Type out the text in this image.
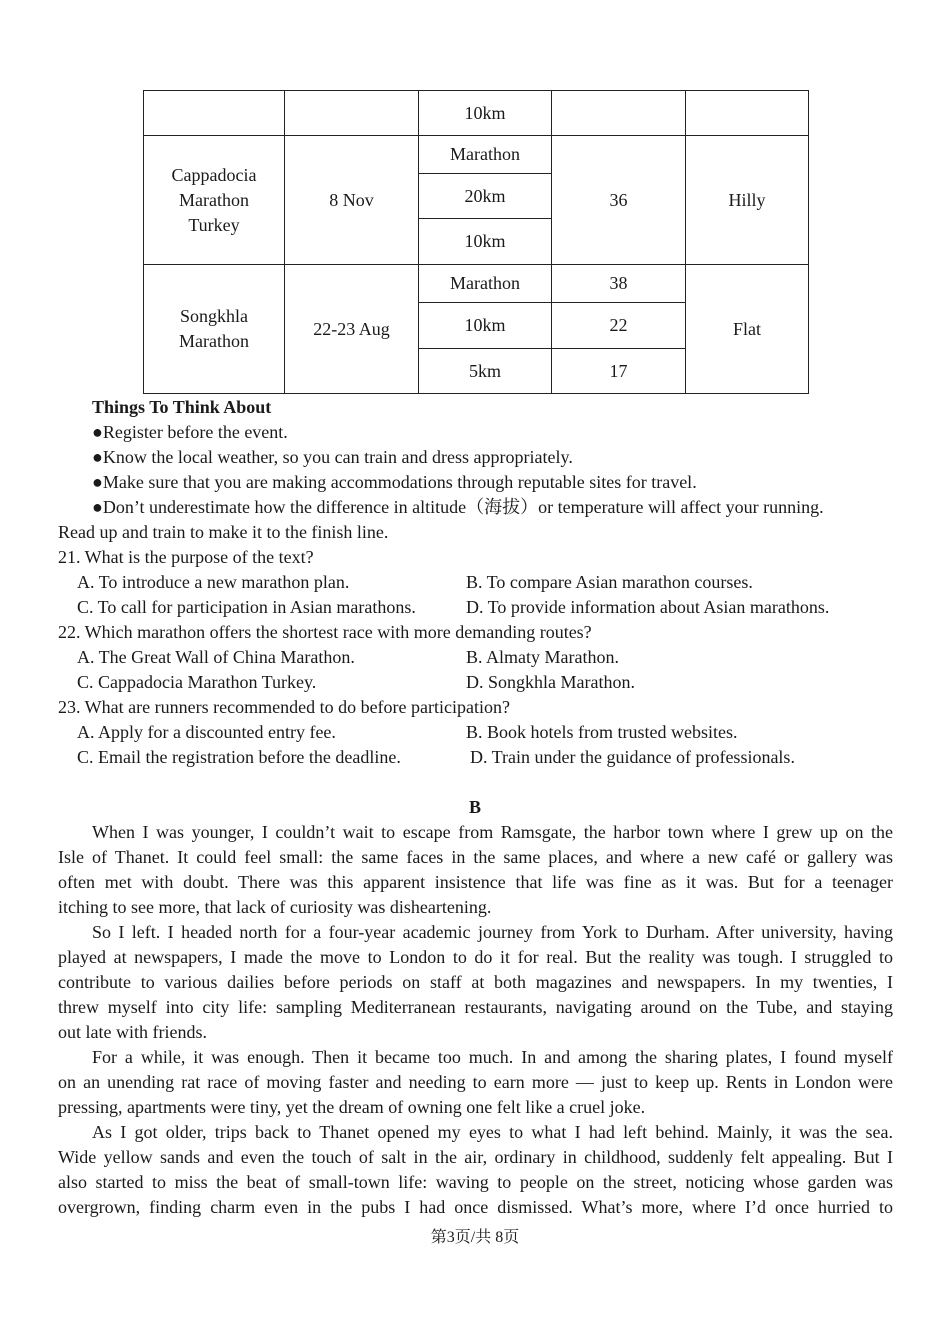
		10km		
Cappadocia Marathon Turkey	8 Nov	Marathon	36	Hilly
		20km		
		10km		
Songkhla Marathon	22-23 Aug	Marathon	38	Flat
		10km	22	
		5km	17	
Things To Think About
●Register before the event.
●Know the local weather, so you can train and dress appropriately.
●Make sure that you are making accommodations through reputable sites for travel.
●Don’t underestimate how the difference in altitude（海拔）or temperature will affect your running.
Read up and train to make it to the finish line.
21. What is the purpose of the text?
A. To introduce a new marathon plan.	B. To compare Asian marathon courses.
C. To call for participation in Asian marathons.	D. To provide information about Asian marathons.
22. Which marathon offers the shortest race with more demanding routes?
A. The Great Wall of China Marathon.	B. Almaty Marathon.
C. Cappadocia Marathon Turkey.	D. Songkhla Marathon.
23. What are runners recommended to do before participation?
A. Apply for a discounted entry fee.	B. Book hotels from trusted websites.
C. Email the registration before the deadline.	D. Train under the guidance of professionals.
B
When I was younger, I couldn’t wait to escape from Ramsgate, the harbor town where I grew up on the
Isle of Thanet. It could feel small: the same faces in the same places, and where a new café or gallery was
often met with doubt. There was this apparent insistence that life was fine as it was. But for a teenager
itching to see more, that lack of curiosity was disheartening.
So I left. I headed north for a four-year academic journey from York to Durham. After university, having
played at newspapers, I made the move to London to do it for real. But the reality was tough. I struggled to
contribute to various dailies before periods on staff at both magazines and newspapers. In my twenties, I
threw myself into city life: sampling Mediterranean restaurants, navigating around on the Tube, and staying
out late with friends.
For a while, it was enough. Then it became too much. In and among the sharing plates, I found myself
on an unending rat race of moving faster and needing to earn more — just to keep up. Rents in London were
pressing, apartments were tiny, yet the dream of owning one felt like a cruel joke.
As I got older, trips back to Thanet opened my eyes to what I had left behind. Mainly, it was the sea.
Wide yellow sands and even the touch of salt in the air, ordinary in childhood, suddenly felt appealing. But I
also started to miss the beat of small-town life: waving to people on the street, noticing whose garden was
overgrown, finding charm even in the pubs I had once dismissed. What’s more, where I’d once hurried to
第3页/共 8页
